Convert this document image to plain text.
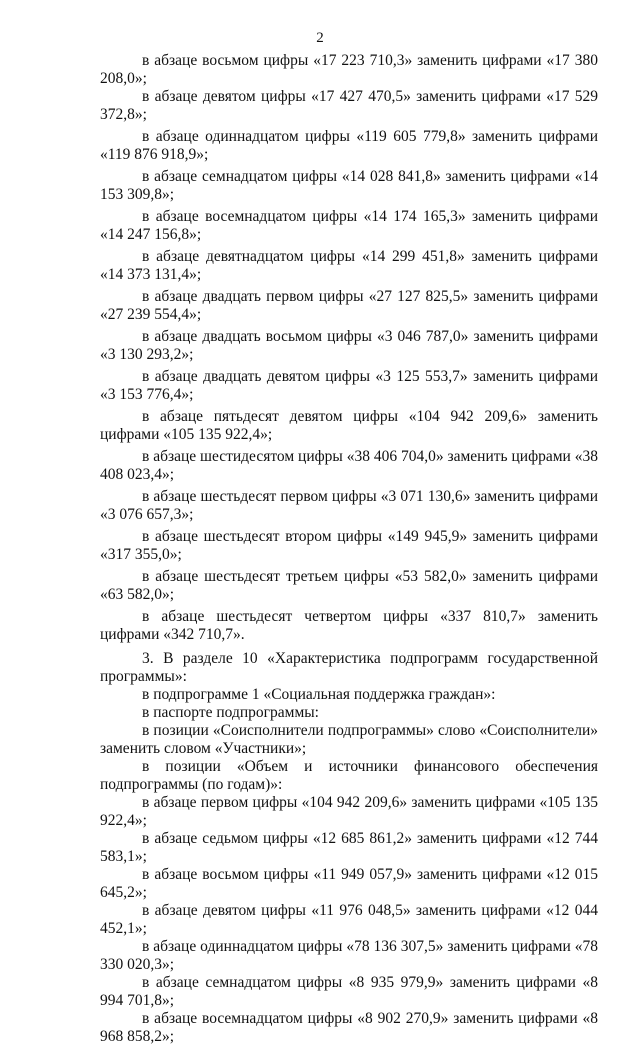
2

в абзаце восьмом цифры «17 223 710,3» заменить цифрами «17 380 208,0»;

в абзаце девятом цифры «17 427 470,5» заменить цифрами «17 529 372,8»;

в абзаце одиннадцатом цифры «119 605 779,8» заменить цифрами «119 876 918,9»;

в абзаце семнадцатом цифры «14 028 841,8» заменить цифрами «14 153 309,8»;

в абзаце восемнадцатом цифры «14 174 165,3» заменить цифрами «14 247 156,8»;

в абзаце девятнадцатом цифры «14 299 451,8» заменить цифрами «14 373 131,4»;

в абзаце двадцать первом цифры «27 127 825,5» заменить цифрами «27 239 554,4»;

в абзаце двадцать восьмом цифры «3 046 787,0» заменить цифрами «3 130 293,2»;

в абзаце двадцать девятом цифры «3 125 553,7» заменить цифрами «3 153 776,4»;

в абзаце пятьдесят девятом цифры «104 942 209,6» заменить цифрами «105 135 922,4»;

в абзаце шестидесятом цифры «38 406 704,0» заменить цифрами «38 408 023,4»;

в абзаце шестьдесят первом цифры «3 071 130,6» заменить цифрами «3 076 657,3»;

в абзаце шестьдесят втором цифры «149 945,9» заменить цифрами «317 355,0»;

в абзаце шестьдесят третьем цифры «53 582,0» заменить цифрами «63 582,0»;

в абзаце шестьдесят четвертом цифры «337 810,7» заменить цифрами «342 710,7».

3. В разделе 10 «Характеристика подпрограмм государственной программы»:

в подпрограмме 1 «Социальная поддержка граждан»:

в паспорте подпрограммы:

в позиции «Соисполнители подпрограммы» слово «Соисполнители» заменить словом «Участники»;

в позиции «Объем и источники финансового обеспечения подпрограммы (по годам)»:

в абзаце первом цифры «104 942 209,6» заменить цифрами «105 135 922,4»;

в абзаце седьмом цифры «12 685 861,2» заменить цифрами «12 744 583,1»;

в абзаце восьмом цифры «11 949 057,9» заменить цифрами «12 015 645,2»;

в абзаце девятом цифры «11 976 048,5» заменить цифрами «12 044 452,1»;

в абзаце одиннадцатом цифры «78 136 307,5» заменить цифрами «78 330 020,3»;

в абзаце семнадцатом цифры «8 935 979,9» заменить цифрами «8 994 701,8»;

в абзаце восемнадцатом цифры «8 902 270,9» заменить цифрами «8 968 858,2»;
